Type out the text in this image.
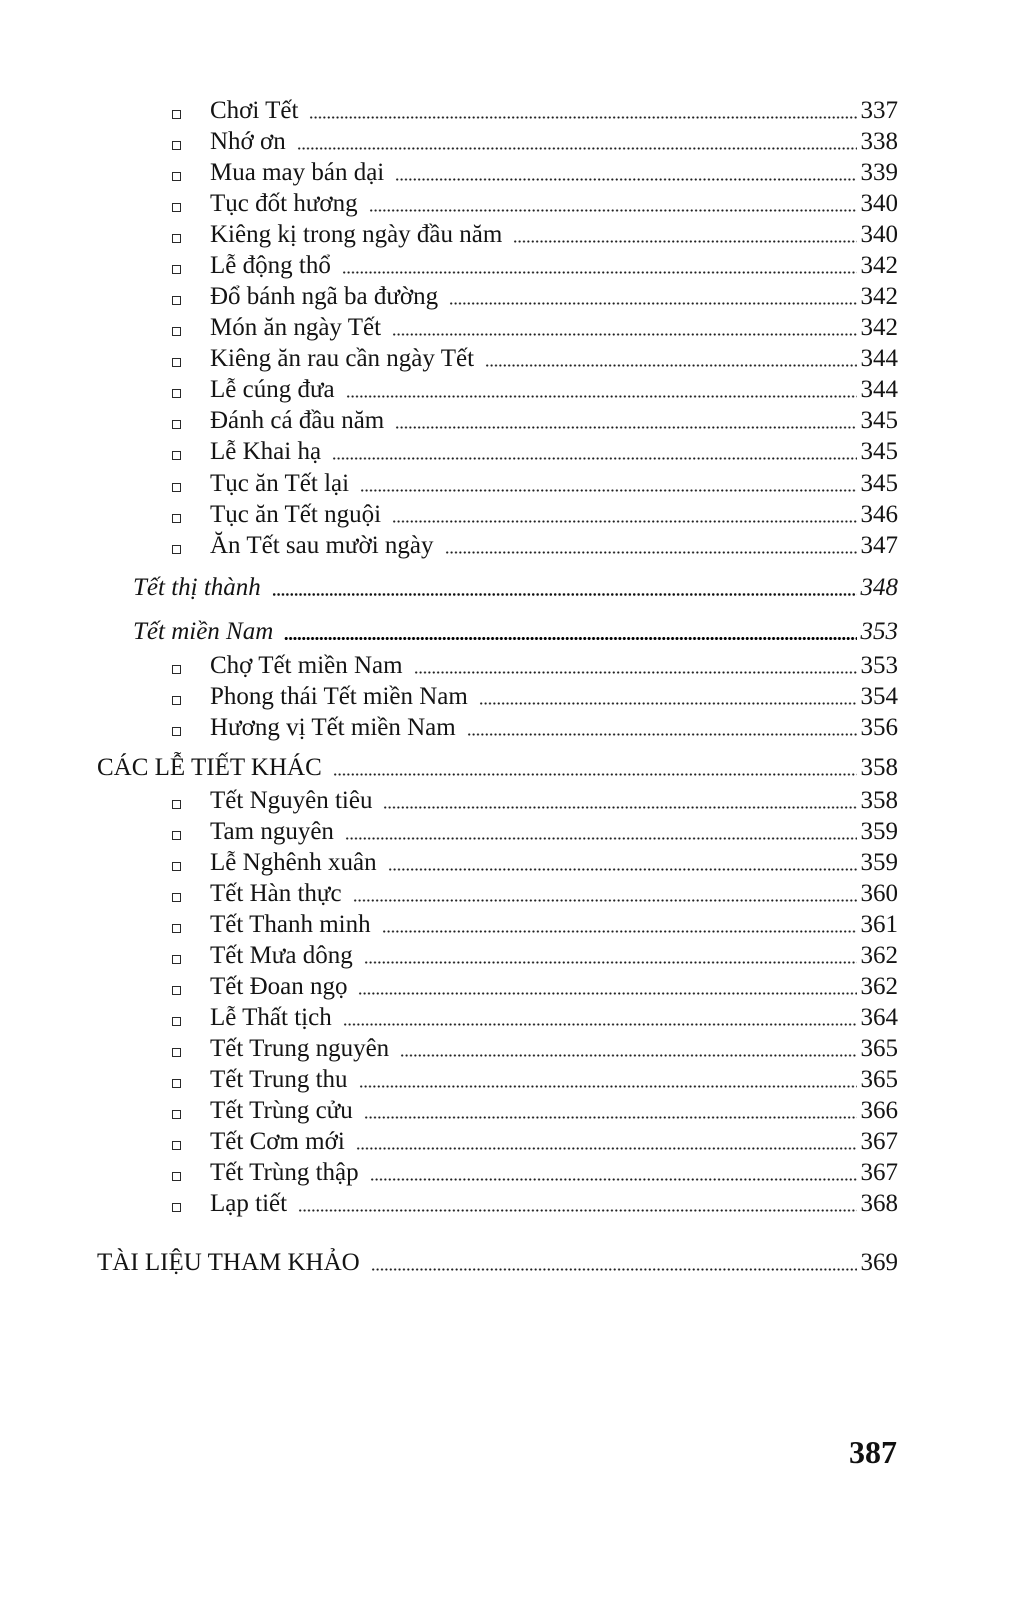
Chơi Tết	337
Nhớ ơn	338
Mua may bán dại	339
Tục đốt hương	340
Kiêng kị trong ngày đầu năm	340
Lễ động thổ	342
Đổ bánh ngã ba đường	342
Món ăn ngày Tết	342
Kiêng ăn rau cần ngày Tết	344
Lễ cúng đưa	344
Đánh cá đầu năm	345
Lễ Khai hạ	345
Tục ăn Tết lại	345
Tục ăn Tết nguội	346
Ăn Tết sau mười ngày	347
Tết thị thành	348
Tết miền Nam	353
Chợ Tết miền Nam	353
Phong thái Tết miền Nam	354
Hương vị Tết miền Nam	356
CÁC LỄ TIẾT KHÁC	358
Tết Nguyên tiêu	358
Tam nguyên	359
Lễ Nghênh xuân	359
Tết Hàn thực	360
Tết Thanh minh	361
Tết Mưa dông	362
Tết Đoan ngọ	362
Lễ Thất tịch	364
Tết Trung nguyên	365
Tết Trung thu	365
Tết Trùng cửu	366
Tết Cơm mới	367
Tết Trùng thập	367
Lạp tiết	368
TÀI LIỆU THAM KHẢO	369
387
